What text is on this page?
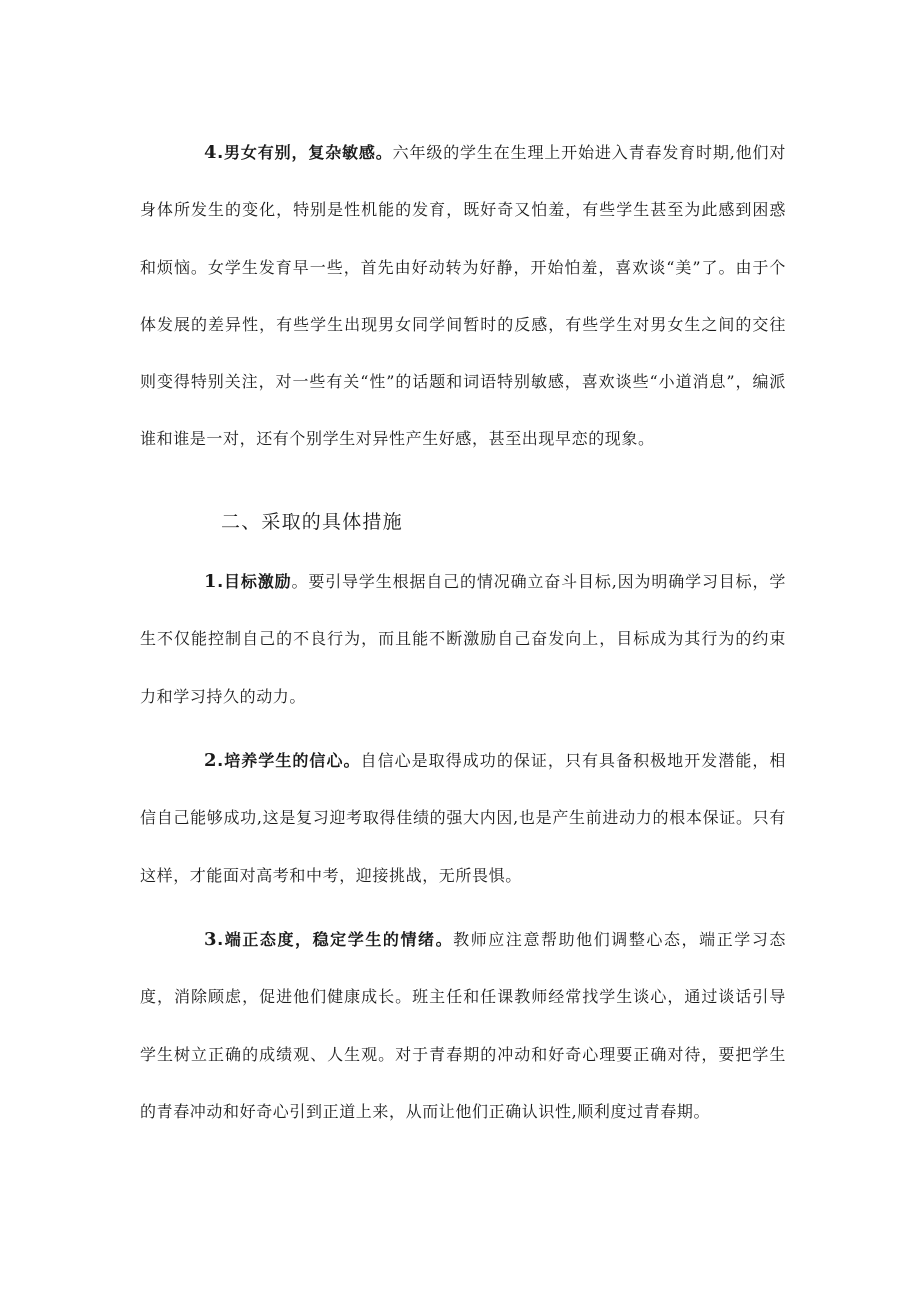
4.男女有别，复杂敏感。六年级的学生在生理上开始进入青春发育时期,他们对身体所发生的变化，特别是性机能的发育，既好奇又怕羞，有些学生甚至为此感到困惑和烦恼。女学生发育早一些，首先由好动转为好静，开始怕羞，喜欢谈“美”了。由于个体发展的差异性，有些学生出现男女同学间暂时的反感，有些学生对男女生之间的交往则变得特别关注，对一些有关“性”的话题和词语特别敏感，喜欢谈些“小道消息”，编派谁和谁是一对，还有个别学生对异性产生好感，甚至出现早恋的现象。

二、采取的具体措施

1.目标激励。要引导学生根据自己的情况确立奋斗目标,因为明确学习目标，学生不仅能控制自己的不良行为，而且能不断激励自己奋发向上，目标成为其行为的约束力和学习持久的动力。

2.培养学生的信心。自信心是取得成功的保证，只有具备积极地开发潜能，相信自己能够成功,这是复习迎考取得佳绩的强大内因,也是产生前进动力的根本保证。只有这样，才能面对高考和中考，迎接挑战，无所畏惧。

3.端正态度，稳定学生的情绪。教师应注意帮助他们调整心态，端正学习态度，消除顾虑，促进他们健康成长。班主任和任课教师经常找学生谈心，通过谈话引导学生树立正确的成绩观、人生观。对于青春期的冲动和好奇心理要正确对待，要把学生的青春冲动和好奇心引到正道上来，从而让他们正确认识性,顺利度过青春期。
